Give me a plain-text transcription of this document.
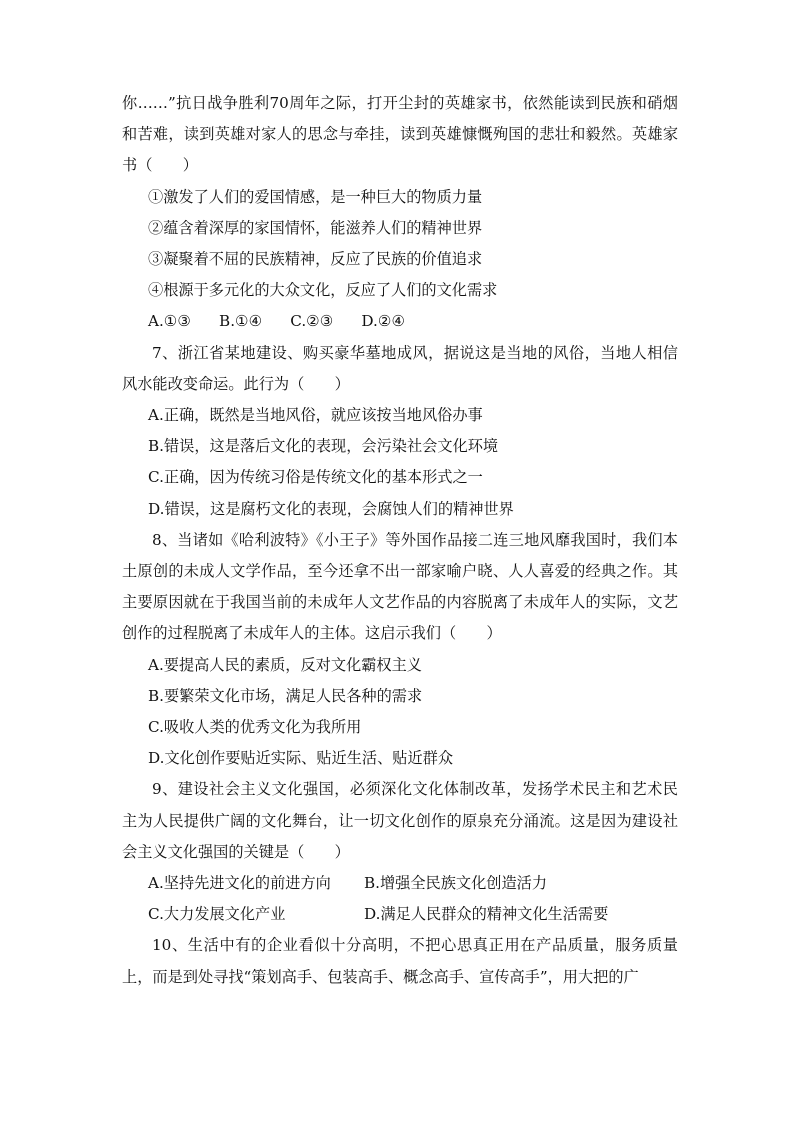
你……”抗日战争胜利70周年之际，打开尘封的英雄家书，依然能读到民族和硝烟和苦难，读到英雄对家人的思念与牵挂，读到英雄慷慨殉国的悲壮和毅然。英雄家书（　　）

①激发了人们的爱国情感，是一种巨大的物质力量

②蕴含着深厚的家国情怀，能滋养人们的精神世界

③凝聚着不屈的民族精神，反应了民族的价值追求

④根源于多元化的大众文化，反应了人们的文化需求

A.①③ B.①④ C.②③ D.②④

7、浙江省某地建设、购买豪华墓地成风，据说这是当地的风俗，当地人相信风水能改变命运。此行为（　　）

A.正确，既然是当地风俗，就应该按当地风俗办事

B.错误，这是落后文化的表现，会污染社会文化环境

C.正确，因为传统习俗是传统文化的基本形式之一

D.错误，这是腐朽文化的表现，会腐蚀人们的精神世界

8、当诸如《哈利波特》《小王子》等外国作品接二连三地风靡我国时，我们本土原创的未成人文学作品，至今还拿不出一部家喻户晓、人人喜爱的经典之作。其主要原因就在于我国当前的未成年人文艺作品的内容脱离了未成年人的实际，文艺创作的过程脱离了未成年人的主体。这启示我们（　　）

A.要提高人民的素质，反对文化霸权主义

B.要繁荣文化市场，满足人民各种的需求

C.吸收人类的优秀文化为我所用

D.文化创作要贴近实际、贴近生活、贴近群众

9、建设社会主义文化强国，必须深化文化体制改革，发扬学术民主和艺术民主为人民提供广阔的文化舞台，让一切文化创作的原泉充分涌流。这是因为建设社会主义文化强国的关键是（　　）

A.坚持先进文化的前进方向	B.增强全民族文化创造活力
C.大力发展文化产业	D.满足人民群众的精神文化生活需要

10、生活中有的企业看似十分高明，不把心思真正用在产品质量，服务质量上，而是到处寻找“策划高手、包装高手、概念高手、宣传高手”，用大把的广
